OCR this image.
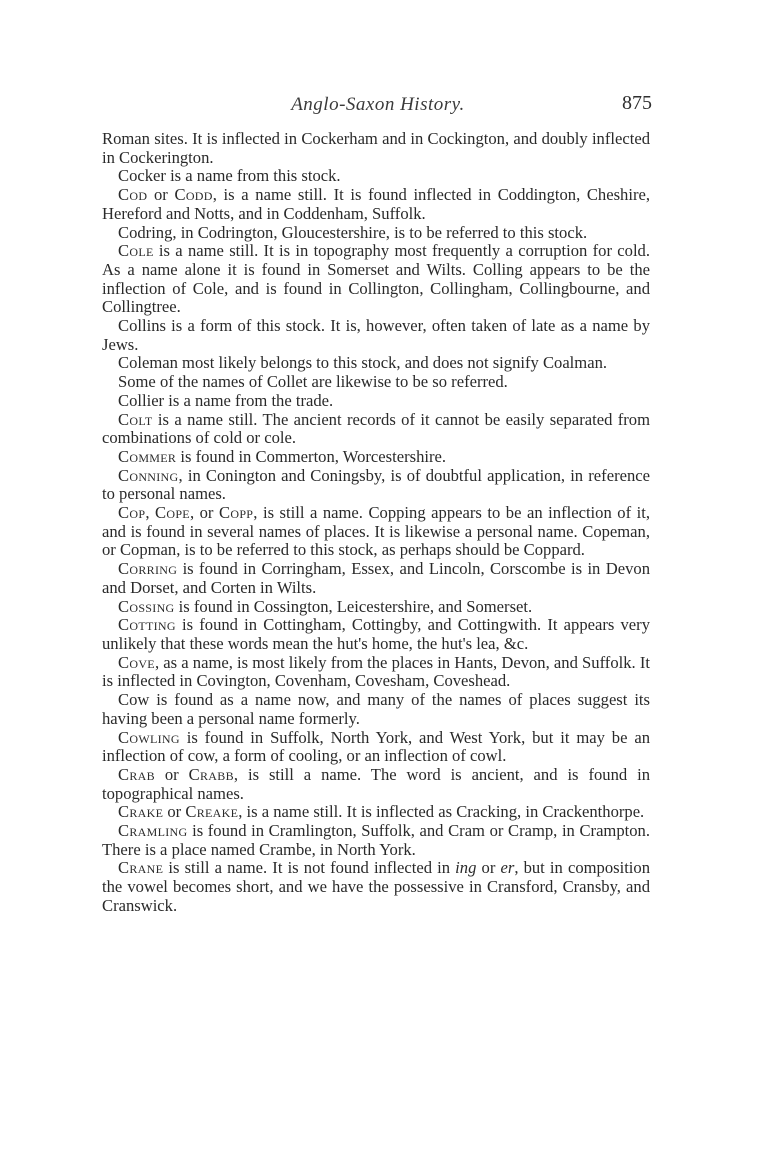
Anglo-Saxon History.	875

Roman sites. It is inflected in Cockerham and in Cockington, and doubly inflected in Cockerington.

Cocker is a name from this stock.

Cod or Codd, is a name still. It is found inflected in Coddington, Cheshire, Hereford and Notts, and in Coddenham, Suffolk.

Codring, in Codrington, Gloucestershire, is to be referred to this stock.

Cole is a name still. It is in topography most frequently a corruption for cold. As a name alone it is found in Somerset and Wilts. Colling appears to be the inflection of Cole, and is found in Collington, Collingham, Collingbourne, and Collingtree.

Collins is a form of this stock. It is, however, often taken of late as a name by Jews.

Coleman most likely belongs to this stock, and does not signify Coalman.

Some of the names of Collet are likewise to be so referred.

Collier is a name from the trade.

Colt is a name still. The ancient records of it cannot be easily separated from combinations of cold or cole.

Commer is found in Commerton, Worcestershire.

Conning, in Conington and Coningsby, is of doubtful application, in reference to personal names.

Cop, Cope, or Copp, is still a name. Copping appears to be an inflection of it, and is found in several names of places. It is likewise a personal name. Copeman, or Copman, is to be referred to this stock, as perhaps should be Coppard.

Corring is found in Corringham, Essex, and Lincoln, Corscombe is in Devon and Dorset, and Corten in Wilts.

Cossing is found in Cossington, Leicestershire, and Somerset.

Cotting is found in Cottingham, Cottingby, and Cottingwith. It appears very unlikely that these words mean the hut's home, the hut's lea, &c.

Cove, as a name, is most likely from the places in Hants, Devon, and Suffolk. It is inflected in Covington, Covenham, Covesham, Coveshead.

Cow is found as a name now, and many of the names of places suggest its having been a personal name formerly.

Cowling is found in Suffolk, North York, and West York, but it may be an inflection of cow, a form of cooling, or an inflection of cowl.

Crab or Crabb, is still a name. The word is ancient, and is found in topographical names.

Crake or Creake, is a name still. It is inflected as Cracking, in Crackenthorpe.

Cramling is found in Cramlington, Suffolk, and Cram or Cramp, in Crampton. There is a place named Crambe, in North York.

Crane is still a name. It is not found inflected in ing or er, but in composition the vowel becomes short, and we have the possessive in Cransford, Cransby, and Cranswick.
